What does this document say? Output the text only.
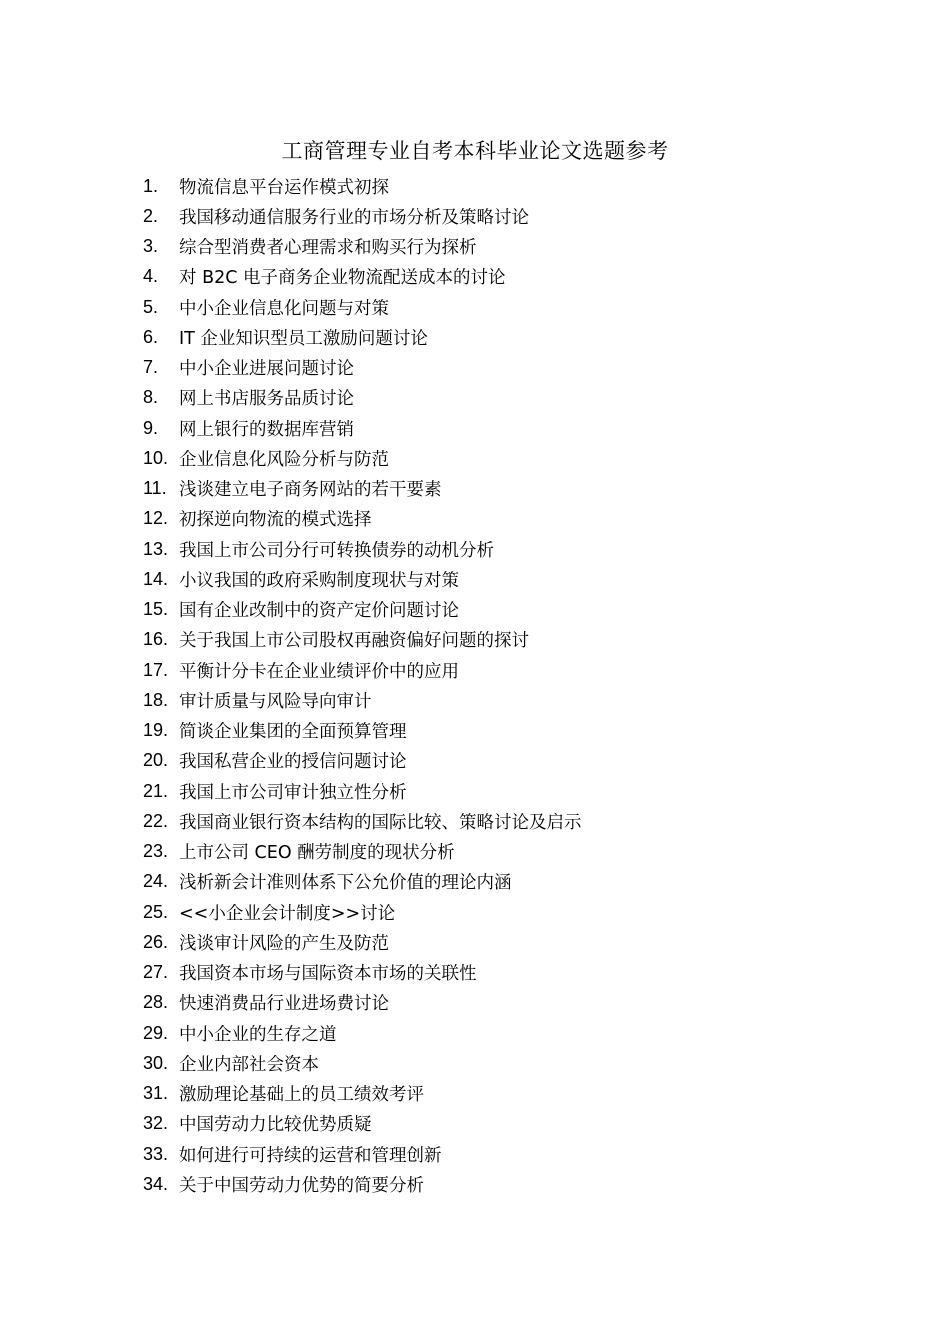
工商管理专业自考本科毕业论文选题参考
1.	物流信息平台运作模式初探
2.	我国移动通信服务行业的市场分析及策略讨论
3.	综合型消费者心理需求和购买行为探析
4.	对 B2C 电子商务企业物流配送成本的讨论
5.	中小企业信息化问题与对策
6.	IT 企业知识型员工激励问题讨论
7.	中小企业进展问题讨论
8.	网上书店服务品质讨论
9.	网上银行的数据库营销
10. 企业信息化风险分析与防范
11. 浅谈建立电子商务网站的若干要素
12. 初探逆向物流的模式选择
13. 我国上市公司分行可转换债券的动机分析
14. 小议我国的政府采购制度现状与对策
15. 国有企业改制中的资产定价问题讨论
16. 关于我国上市公司股权再融资偏好问题的探讨
17. 平衡计分卡在企业业绩评价中的应用
18. 审计质量与风险导向审计
19. 简谈企业集团的全面预算管理
20. 我国私营企业的授信问题讨论
21. 我国上市公司审计独立性分析
22. 我国商业银行资本结构的国际比较、策略讨论及启示
23. 上市公司 CEO 酬劳制度的现状分析
24. 浅析新会计准则体系下公允价值的理论内涵
25. <<小企业会计制度>>讨论
26. 浅谈审计风险的产生及防范
27. 我国资本市场与国际资本市场的关联性
28. 快速消费品行业进场费讨论
29. 中小企业的生存之道
30. 企业内部社会资本
31. 激励理论基础上的员工绩效考评
32. 中国劳动力比较优势质疑
33. 如何进行可持续的运营和管理创新
34. 关于中国劳动力优势的简要分析
